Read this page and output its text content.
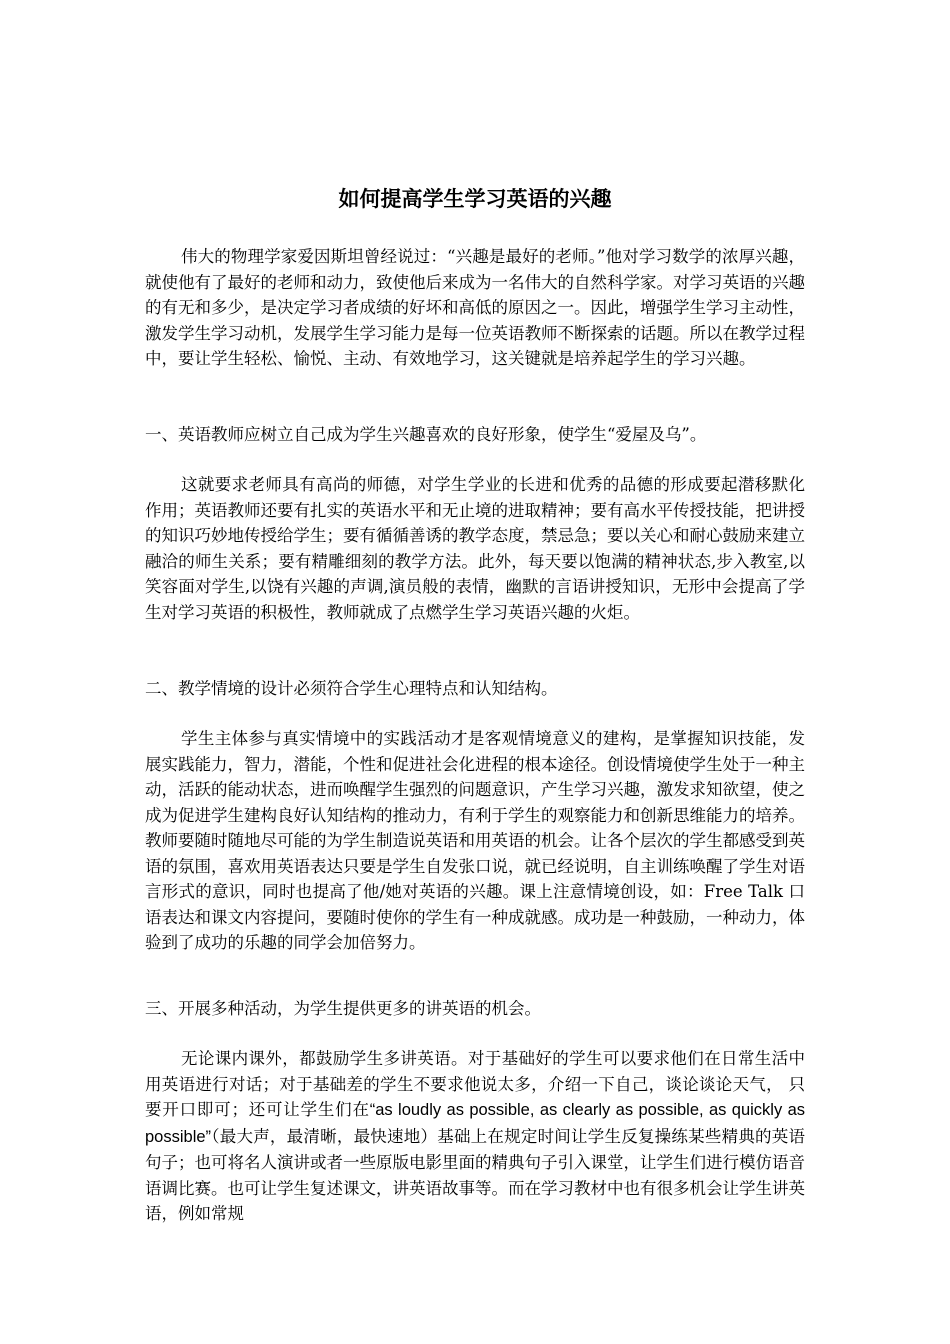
如何提高学生学习英语的兴趣

伟大的物理学家爱因斯坦曾经说过：“兴趣是最好的老师。”他对学习数学的浓厚兴趣，就使他有了最好的老师和动力，致使他后来成为一名伟大的自然科学家。对学习英语的兴趣的有无和多少，是决定学习者成绩的好坏和高低的原因之一。因此，增强学生学习主动性，激发学生学习动机，发展学生学习能力是每一位英语教师不断探索的话题。所以在教学过程中，要让学生轻松、愉悦、主动、有效地学习，这关键就是培养起学生的学习兴趣。

一、英语教师应树立自己成为学生兴趣喜欢的良好形象，使学生“爱屋及乌”。

这就要求老师具有高尚的师德，对学生学业的长进和优秀的品德的形成要起潜移默化作用；英语教师还要有扎实的英语水平和无止境的进取精神；要有高水平传授技能，把讲授的知识巧妙地传授给学生；要有循循善诱的教学态度，禁忌急；要以关心和耐心鼓励来建立融洽的师生关系；要有精雕细刻的教学方法。此外，每天要以饱满的精神状态,步入教室,以笑容面对学生,以饶有兴趣的声调,演员般的表情，幽默的言语讲授知识，无形中会提高了学生对学习英语的积极性，教师就成了点燃学生学习英语兴趣的火炬。

二、教学情境的设计必须符合学生心理特点和认知结构。

学生主体参与真实情境中的实践活动才是客观情境意义的建构，是掌握知识技能，发展实践能力，智力，潜能，个性和促进社会化进程的根本途径。创设情境使学生处于一种主动，活跃的能动状态，进而唤醒学生强烈的问题意识，产生学习兴趣，激发求知欲望，使之成为促进学生建构良好认知结构的推动力，有利于学生的观察能力和创新思维能力的培养。教师要随时随地尽可能的为学生制造说英语和用英语的机会。让各个层次的学生都感受到英语的氛围，喜欢用英语表达只要是学生自发张口说，就已经说明，自主训练唤醒了学生对语言形式的意识，同时也提高了他/她对英语的兴趣。课上注意情境创设，如：Free Talk 口语表达和课文内容提问，要随时使你的学生有一种成就感。成功是一种鼓励，一种动力，体验到了成功的乐趣的同学会加倍努力。

三、开展多种活动，为学生提供更多的讲英语的机会。

无论课内课外，都鼓励学生多讲英语。对于基础好的学生可以要求他们在日常生活中用英语进行对话；对于基础差的学生不要求他说太多，介绍一下自己，谈论谈论天气， 只要开口即可；还可让学生们在“as loudly as possible, as clearly as possible, as quickly as possible”（最大声，最清晰，最快速地）基础上在规定时间让学生反复操练某些精典的英语句子；也可将名人演讲或者一些原版电影里面的精典句子引入课堂，让学生们进行模仿语音语调比赛。也可让学生复述课文，讲英语故事等。而在学习教材中也有很多机会让学生讲英语，例如常规
